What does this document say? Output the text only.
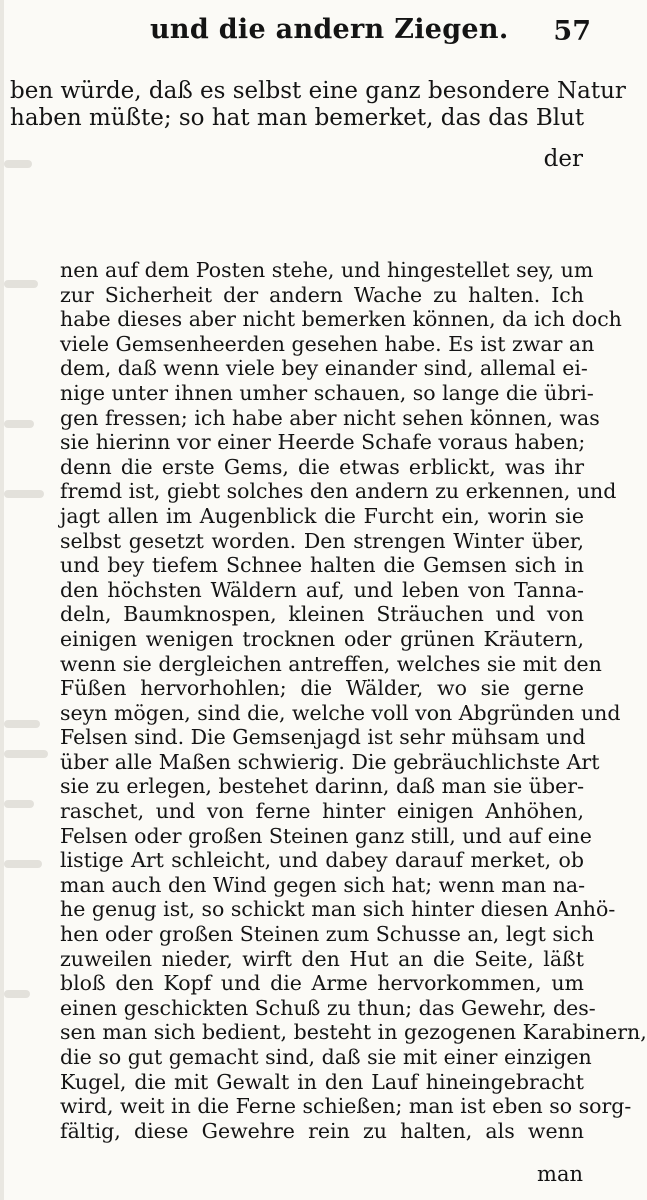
und die andern Ziegen. 57
ben würde, daß es selbst eine ganz besondere Natur
haben müßte; so hat man bemerket, das das Blut
der
nen auf dem Posten stehe, und hingestellet sey, um
zur Sicherheit der andern Wache zu halten. Ich
habe dieses aber nicht bemerken können, da ich doch
viele Gemsenheerden gesehen habe. Es ist zwar an
dem, daß wenn viele bey einander sind, allemal ei-
nige unter ihnen umher schauen, so lange die übri-
gen fressen; ich habe aber nicht sehen können, was
sie hierinn vor einer Heerde Schafe voraus haben;
denn die erste Gems, die etwas erblickt, was ihr
fremd ist, giebt solches den andern zu erkennen, und
jagt allen im Augenblick die Furcht ein, worin sie
selbst gesetzt worden. Den strengen Winter über,
und bey tiefem Schnee halten die Gemsen sich in
den höchsten Wäldern auf, und leben von Tanna-
deln, Baumknospen, kleinen Sträuchen und von
einigen wenigen trocknen oder grünen Kräutern,
wenn sie dergleichen antreffen, welches sie mit den
Füßen hervorhohlen; die Wälder, wo sie gerne
seyn mögen, sind die, welche voll von Abgründen und
Felsen sind. Die Gemsenjagd ist sehr mühsam und
über alle Maßen schwierig. Die gebräuchlichste Art
sie zu erlegen, bestehet darinn, daß man sie über-
raschet, und von ferne hinter einigen Anhöhen,
Felsen oder großen Steinen ganz still, und auf eine
listige Art schleicht, und dabey darauf merket, ob
man auch den Wind gegen sich hat; wenn man na-
he genug ist, so schickt man sich hinter diesen Anhö-
hen oder großen Steinen zum Schusse an, legt sich
zuweilen nieder, wirft den Hut an die Seite, läßt
bloß den Kopf und die Arme hervorkommen, um
einen geschickten Schuß zu thun; das Gewehr, des-
sen man sich bedient, besteht in gezogenen Karabinern,
die so gut gemacht sind, daß sie mit einer einzigen
Kugel, die mit Gewalt in den Lauf hineingebracht
wird, weit in die Ferne schießen; man ist eben so sorg-
fältig, diese Gewehre rein zu halten, als wenn
man
